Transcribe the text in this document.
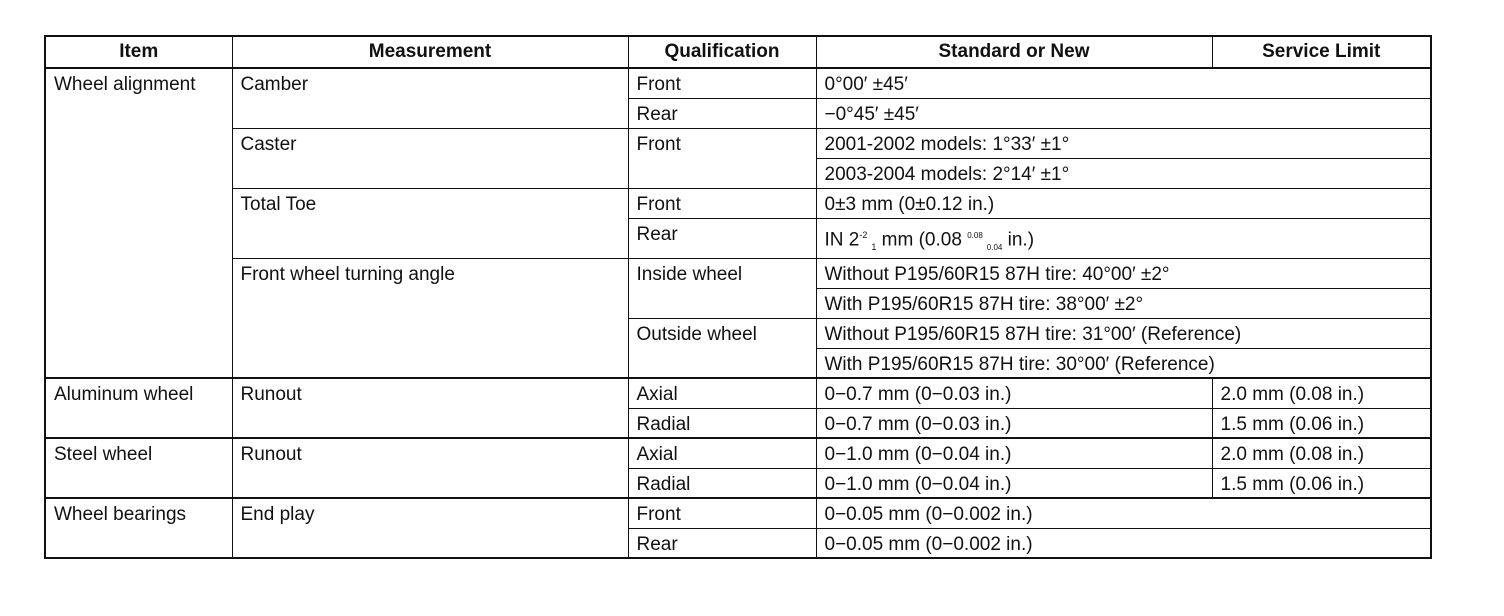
Item	Measurement	Qualification	Standard or New	Service Limit
Wheel alignment	Camber	Front	0°00′ ±45′	
		Rear	−0°45′ ±45′	
	Caster	Front	2001-2002 models: 1°33′ ±1°	
			2003-2004 models: 2°14′ ±1°	
	Total Toe	Front	0±3 mm (0±0.12 in.)	
		Rear	IN $2^{-2}_1$ mm (0.08 $^{0.08}_{0.04}$ in.)	
	Front wheel turning angle	Inside wheel	Without P195/60R15 87H tire: 40°00′ ±2°	
			With P195/60R15 87H tire: 38°00′ ±2°	
		Outside wheel	Without P195/60R15 87H tire: 31°00′ (Reference)	
			With P195/60R15 87H tire: 30°00′ (Reference)	
Aluminum wheel	Runout	Axial	0−0.7 mm (0−0.03 in.)	2.0 mm (0.08 in.)
		Radial	0−0.7 mm (0−0.03 in.)	1.5 mm (0.06 in.)
Steel wheel	Runout	Axial	0−1.0 mm (0−0.04 in.)	2.0 mm (0.08 in.)
		Radial	0−1.0 mm (0−0.04 in.)	1.5 mm (0.06 in.)
Wheel bearings	End play	Front	0−0.05 mm (0−0.002 in.)	
		Rear	0−0.05 mm (0−0.002 in.)	
